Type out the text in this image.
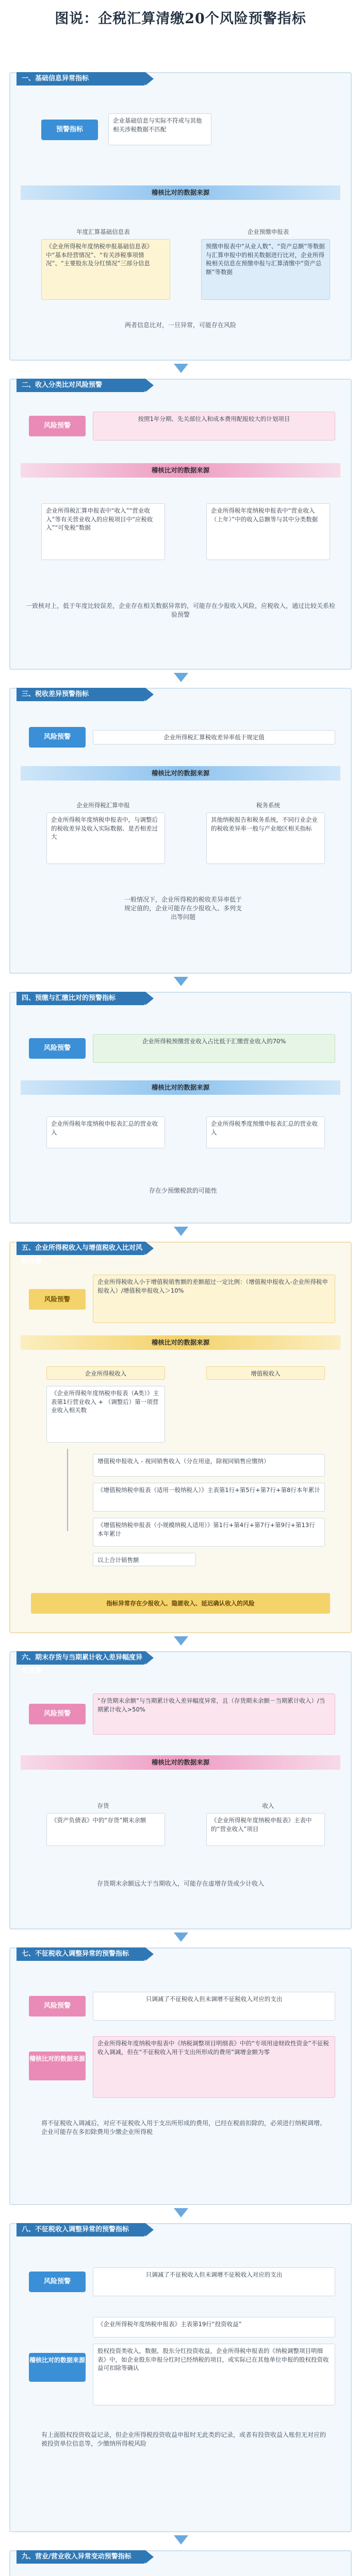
图说：企税汇算清缴20个风险预警指标
一、基础信息异常指标
预警指标
企业基础信息与实际不符或与其他相关涉税数据不匹配
稽核比对的数据来源
年度汇算基础信息表	企业预缴申报表
《企业所得税年度纳税申报基础信息表》中“基本经营情况”、“有关涉税事项情况”、“主要股东及分红情况”三部分信息
预缴申报表中“从业人数”、“资产总额”等数据与汇算申报中的相关数据进行比对，企业所得税相关信息在预缴申报与汇算清缴中“资产总额”等数据
两者信息比对，一旦异常，可能存在风险
二、收入分类比对风险预警
风险预警
按照1年分期、先关部位入和成本费用配报较大的计划项目
稽核比对的数据来源
企业所得税汇算申报表中“收入”“营业收入”等有关营业收入的应税项目中“应税收入”“可免税”数据
企业所得税年度纳税申报表中“营业收入（上年）”中的收入总额等与其中分类数据
一致核对上，低于年度比较误差，企业存在相关数据异常的，可能存在少报收入风险，应税收入，通过比较关系检验预警
三、税收差异预警指标
风险预警	企业所得税汇算税收差异率低于规定值
稽核比对的数据来源
企业所得税汇算申报	税务系统
企业所得税年度纳税申报表中，与调整后的税收差异及收入实际数据、是否相差过大
其他纳税报告和税务系统，不同行业企业的税收差异率一般与产业地区相关指标
一般情况下，企业所得税的税收差异率低于规定值的，企业可能存在少报收入、多列支出等问题
四、预缴与汇缴比对的预警指标
风险预警
企业所得税预缴营业收入占比低于汇缴营业收入的70%
稽核比对的数据来源
企业所得税年度纳税申报表汇总的营业收入
企业所得税季度预缴申报表汇总的营业收入
存在少预缴税款的可能性
五、企业所得税收入与增值税收入比对风险预警
风险预警
企业所得税收入小于增值税销售额的差额超过一定比例：（增值税申报收入-企业所得税申报收入）/增值税申报收入＞10%
稽核比对的数据来源
企业所得税收入
《企业所得税年度纳税申报表（A类）》主表第1行营业收入 + （调整后）第一项营业收入相关数
增值税收入
增值税申报收入 - 视同销售收入（分在用途，除视同销售应缴纳）
《增值税纳税申报表（适用一般纳税人）》主表第1行+第5行+第7行+第8行本年累计
《增值税纳税申报表（小规模纳税人适用）》第1行+第4行+第7行+第9行+第13行本年累计
以上合计销售额
指标异常存在少报收入、隐匿收入、延迟确认收入的风险
六、期末存货与当期累计收入差异幅度异常预警
风险预警
“存货期末余额”与当期累计收入差异幅度异常，且（存货期末余额－当期累计收入）/当期累计收入>50%
稽核比对的数据来源
存货	收入
《资产负债表》中的“存货”期末余额	《企业所得税年度纳税申报表》主表中的“营业收入”项目
存货期末余额远大于当期收入，可能存在虚增存货或少计收入
七、不征税收入调整异常的预警指标
风险预警
只调减了不征税收入但未调增不征税收入对应的支出
稽核比对的数据来源
企业所得税年度纳税申报表中《纳税调整项目明细表》中的“专项用途财政性资金”不征税收入调减，但在“不征税收入用于支出所形成的费用”调增金额为零
将不征税收入调减后，对应不征税收入用于支出所形成的费用，已经在税前扣除的，必须进行纳税调增。企业可能存在多扣除费用少缴企业所得税
八、不征税收入调整异常的预警指标
风险预警
只调减了不征税收入但未调增不征税收入对应的支出
稽核比对的数据来源
《企业所得税年度纳税申报表》主表第19行“投资收益”
股权投资类收入，数据，股东分红投资收益，企业所得税申报表的《纳税调整项目明细表》中，如企业股东申报分红时已经纳税的项目，或实际已在其他单位申报的股权投资收益可扣除等确认
有上面股权投资收益记录，但企业所得税投资收益申报时无此类的记录，或者有投资收益入账但无对应的被投资单位信息等，少缴纳所得税风险
九、营业/营业收入异常变动预警指标
